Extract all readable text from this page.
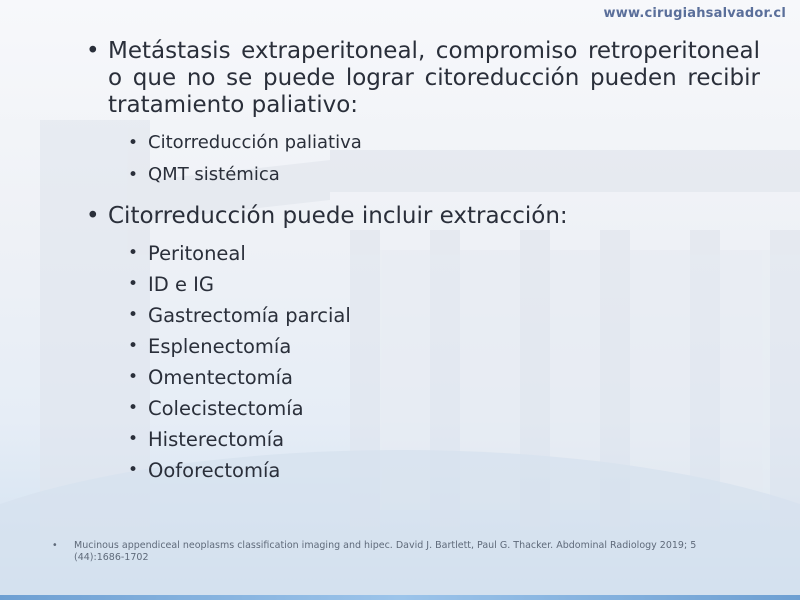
www.cirugiahsalvador.cl
• Metástasis extraperitoneal, compromiso retroperitoneal o que no se puede lograr citoreducción pueden recibir tratamiento paliativo:
• Citorreducción paliativa
• QMT sistémica
• Citorreducción puede incluir extracción:
• Peritoneal
• ID e IG
• Gastrectomía parcial
• Esplenectomía
• Omentectomía
• Colecistectomía
• Histerectomía
• Ooforectomía
•	Mucinous appendiceal neoplasms classification imaging and hipec. David J. Bartlett, Paul G. Thacker. Abdominal Radiology 2019; 5 (44):1686-1702
